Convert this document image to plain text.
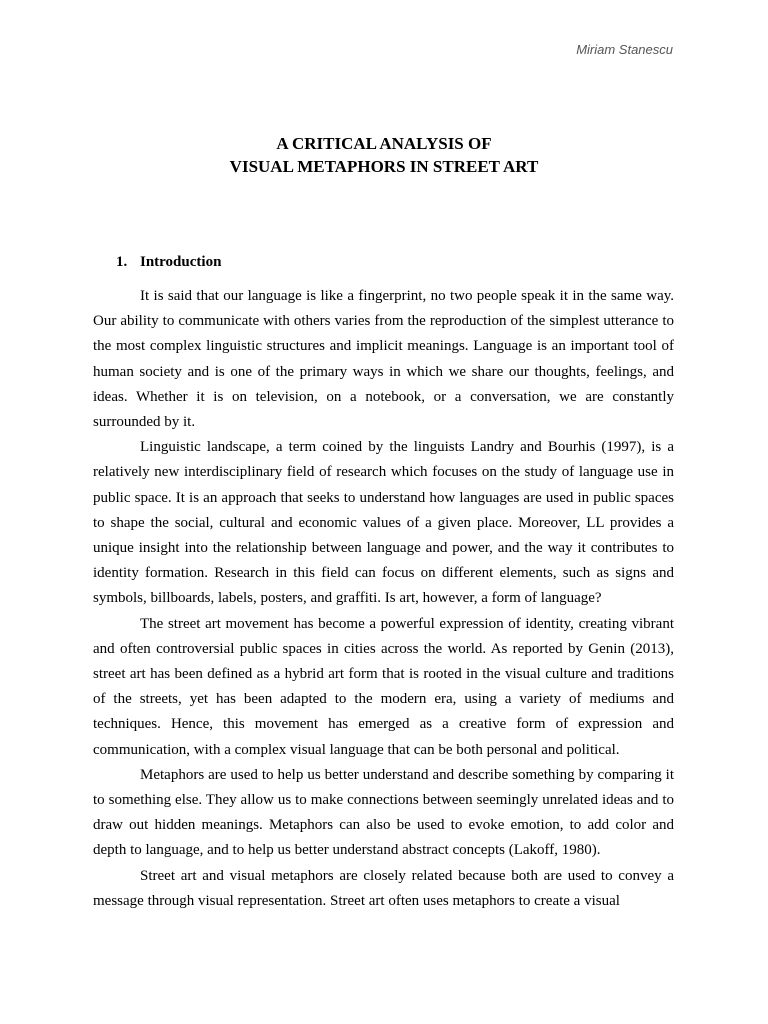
Miriam Stanescu
A CRITICAL ANALYSIS OF
VISUAL METAPHORS IN STREET ART
1. Introduction

It is said that our language is like a fingerprint, no two people speak it in the same way. Our ability to communicate with others varies from the reproduction of the simplest utterance to the most complex linguistic structures and implicit meanings. Language is an important tool of human society and is one of the primary ways in which we share our thoughts, feelings, and ideas. Whether it is on television, on a notebook, or a conversation, we are constantly surrounded by it.

Linguistic landscape, a term coined by the linguists Landry and Bourhis (1997), is a relatively new interdisciplinary field of research which focuses on the study of language use in public space. It is an approach that seeks to understand how languages are used in public spaces to shape the social, cultural and economic values of a given place. Moreover, LL provides a unique insight into the relationship between language and power, and the way it contributes to identity formation. Research in this field can focus on different elements, such as signs and symbols, billboards, labels, posters, and graffiti. Is art, however, a form of language?

The street art movement has become a powerful expression of identity, creating vibrant and often controversial public spaces in cities across the world. As reported by Genin (2013), street art has been defined as a hybrid art form that is rooted in the visual culture and traditions of the streets, yet has been adapted to the modern era, using a variety of mediums and techniques. Hence, this movement has emerged as a creative form of expression and communication, with a complex visual language that can be both personal and political.

Metaphors are used to help us better understand and describe something by comparing it to something else. They allow us to make connections between seemingly unrelated ideas and to draw out hidden meanings. Metaphors can also be used to evoke emotion, to add color and depth to language, and to help us better understand abstract concepts (Lakoff, 1980).

Street art and visual metaphors are closely related because both are used to convey a message through visual representation. Street art often uses metaphors to create a visual
